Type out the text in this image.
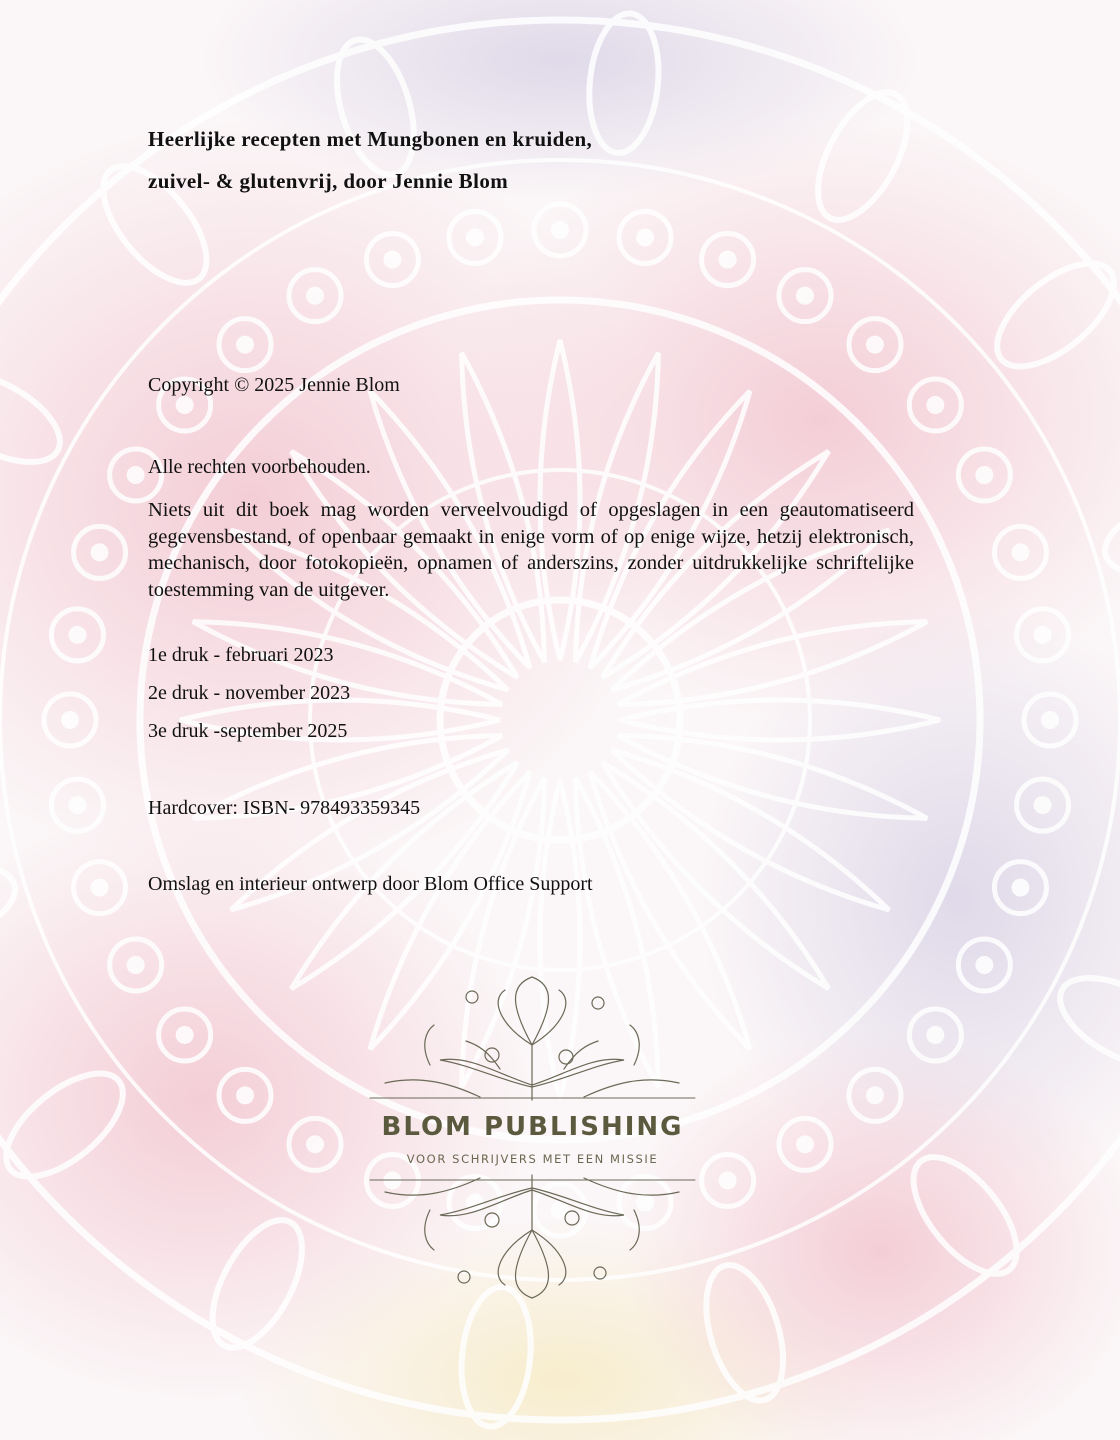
Heerlijke recepten met Mungbonen en kruiden,
zuivel- & glutenvrij, door Jennie Blom
Copyright © 2025 Jennie Blom
Alle rechten voorbehouden.
Niets uit dit boek mag worden verveelvoudigd of opgeslagen in een geautomatiseerd gegevensbestand, of openbaar gemaakt in enige vorm of op enige wijze, hetzij elektronisch, mechanisch, door fotokopieën, opnamen of anderszins, zonder uitdrukkelijke schriftelijke toestemming van de uitgever.
1e druk - februari 2023
2e druk - november 2023
3e druk -september 2025
Hardcover: ISBN- 978493359345
Omslag en interieur ontwerp door Blom Office Support
BLOM PUBLISHING
VOOR SCHRIJVERS MET EEN MISSIE
